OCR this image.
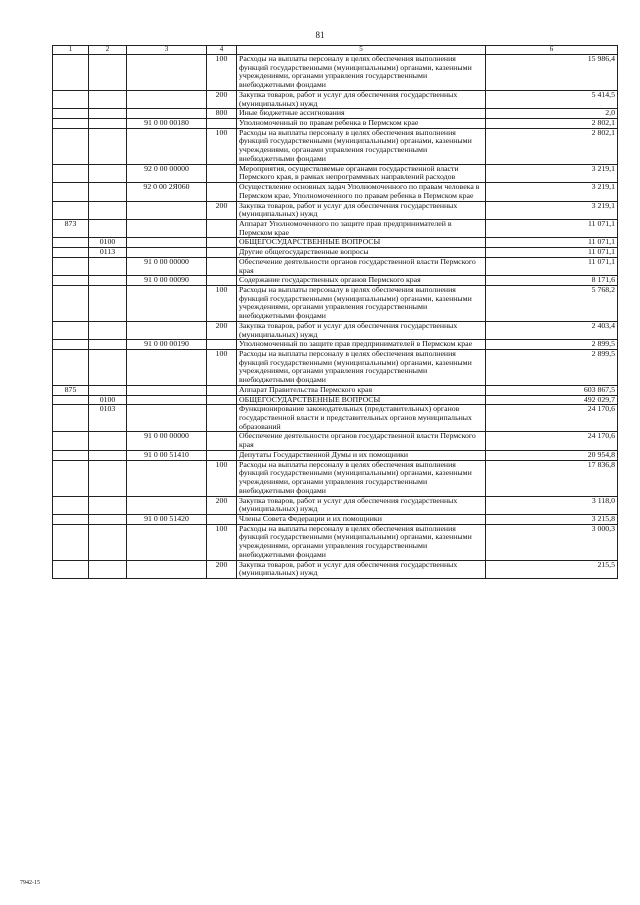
81
1	2	3	4	5	6
			100	Расходы на выплаты персоналу в целях обеспечения выполнения функций государственными (муниципальными) органами, казенными учреждениями, органами управления государственными внебюджетными фондами	15 986,4
			200	Закупка товаров, работ и услуг для обеспечения государственных (муниципальных) нужд	5 414,5
			800	Иные бюджетные ассигнования	2,0
		91 0 00 00180		Уполномоченный по правам ребенка в Пермском крае	2 802,1
			100	Расходы на выплаты персоналу в целях обеспечения выполнения функций государственными (муниципальными) органами, казенными учреждениями, органами управления государственными внебюджетными фондами	2 802,1
		92 0 00 00000		Мероприятия, осуществляемые органами государственной власти Пермского края, в рамках непрограммных направлений расходов	3 219,1
		92 0 00 2Я060		Осуществление основных задач Уполномоченного по правам человека в Пермском крае, Уполномоченного по правам ребенка в Пермском крае	3 219,1
			200	Закупка товаров, работ и услуг для обеспечения государственных (муниципальных) нужд	3 219,1
873				Аппарат Уполномоченного по защите прав предпринимателей в Пермском крае	11 071,1
	0100			ОБЩЕГОСУДАРСТВЕННЫЕ ВОПРОСЫ	11 071,1
	0113			Другие общегосударственные вопросы	11 071,1
		91 0 00 00000		Обеспечение деятельности органов государственной власти Пермского края	11 071,1
		91 0 00 00090		Содержание государственных органов Пермского края	8 171,6
			100	Расходы на выплаты персоналу в целях обеспечения выполнения функций государственными (муниципальными) органами, казенными учреждениями, органами управления государственными внебюджетными фондами	5 768,2
			200	Закупка товаров, работ и услуг для обеспечения государственных (муниципальных) нужд	2 403,4
		91 0 00 00190		Уполномоченный по защите прав предпринимателей в Пермском крае	2 899,5
			100	Расходы на выплаты персоналу в целях обеспечения выполнения функций государственными (муниципальными) органами, казенными учреждениями, органами управления государственными внебюджетными фондами	2 899,5
875				Аппарат Правительства Пермского края	603 867,5
	0100			ОБЩЕГОСУДАРСТВЕННЫЕ ВОПРОСЫ	492 029,7
	0103			Функционирование законодательных (представительных) органов государственной власти и представительных органов муниципальных образований	24 170,6
		91 0 00 00000		Обеспечение деятельности органов государственной власти Пермского края	24 170,6
		91 0 00 51410		Депутаты Государственной Думы и их помощники	20 954,8
			100	Расходы на выплаты персоналу в целях обеспечения выполнения функций государственными (муниципальными) органами, казенными учреждениями, органами управления государственными внебюджетными фондами	17 836,8
			200	Закупка товаров, работ и услуг для обеспечения государственных (муниципальных) нужд	3 118,0
		91 0 00 51420		Члены Совета Федерации и их помощники	3 215,8
			100	Расходы на выплаты персоналу в целях обеспечения выполнения функций государственными (муниципальными) органами, казенными учреждениями, органами управления государственными внебюджетными фондами	3 000,3
			200	Закупка товаров, работ и услуг для обеспечения государственных (муниципальных) нужд	215,5
7942-15
